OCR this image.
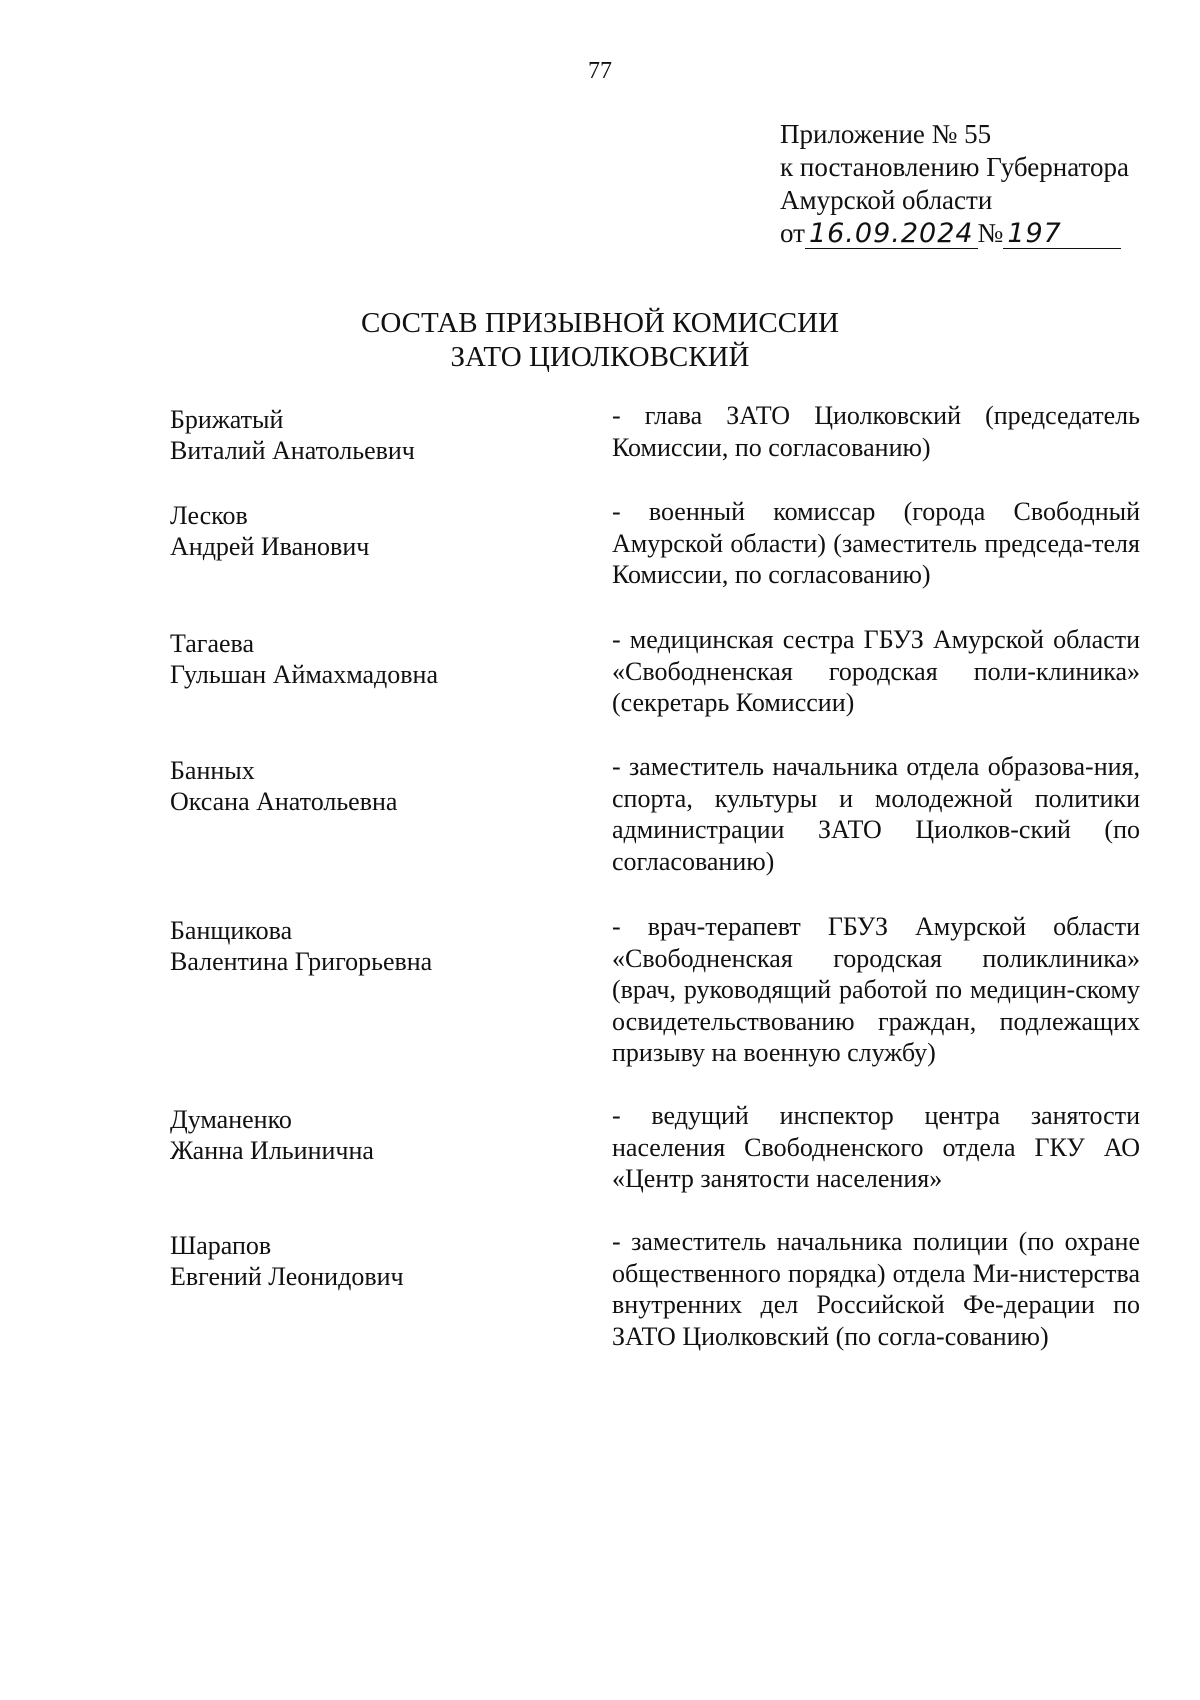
77
Приложение № 55
к постановлению Губернатора
Амурской области
от 16.09.2024 № 197
СОСТАВ ПРИЗЫВНОЙ КОМИССИИ
ЗАТО ЦИОЛКОВСКИЙ
Брижатый
Виталий Анатольевич
- глава ЗАТО Циолковский (председатель Комиссии, по согласованию)
Лесков
Андрей Иванович
- военный комиссар (города Свободный Амурской области) (заместитель председа-теля Комиссии, по согласованию)
Тагаева
Гульшан Аймахмадовна
- медицинская сестра ГБУЗ Амурской области «Свободненская городская поли-клиника» (секретарь Комиссии)
Банных
Оксана Анатольевна
- заместитель начальника отдела образова-ния, спорта, культуры и молодежной политики администрации ЗАТО Циолков-ский (по согласованию)
Банщикова
Валентина Григорьевна
- врач-терапевт ГБУЗ Амурской области «Свободненская городская поликлиника» (врач, руководящий работой по медицин-скому освидетельствованию граждан, подлежащих призыву на военную службу)
Думаненко
Жанна Ильинична
- ведущий инспектор центра занятости населения Свободненского отдела ГКУ АО «Центр занятости населения»
Шарапов
Евгений Леонидович
- заместитель начальника полиции (по охране общественного порядка) отдела Ми-нистерства внутренних дел Российской Фе-дерации по ЗАТО Циолковский (по согла-сованию)
